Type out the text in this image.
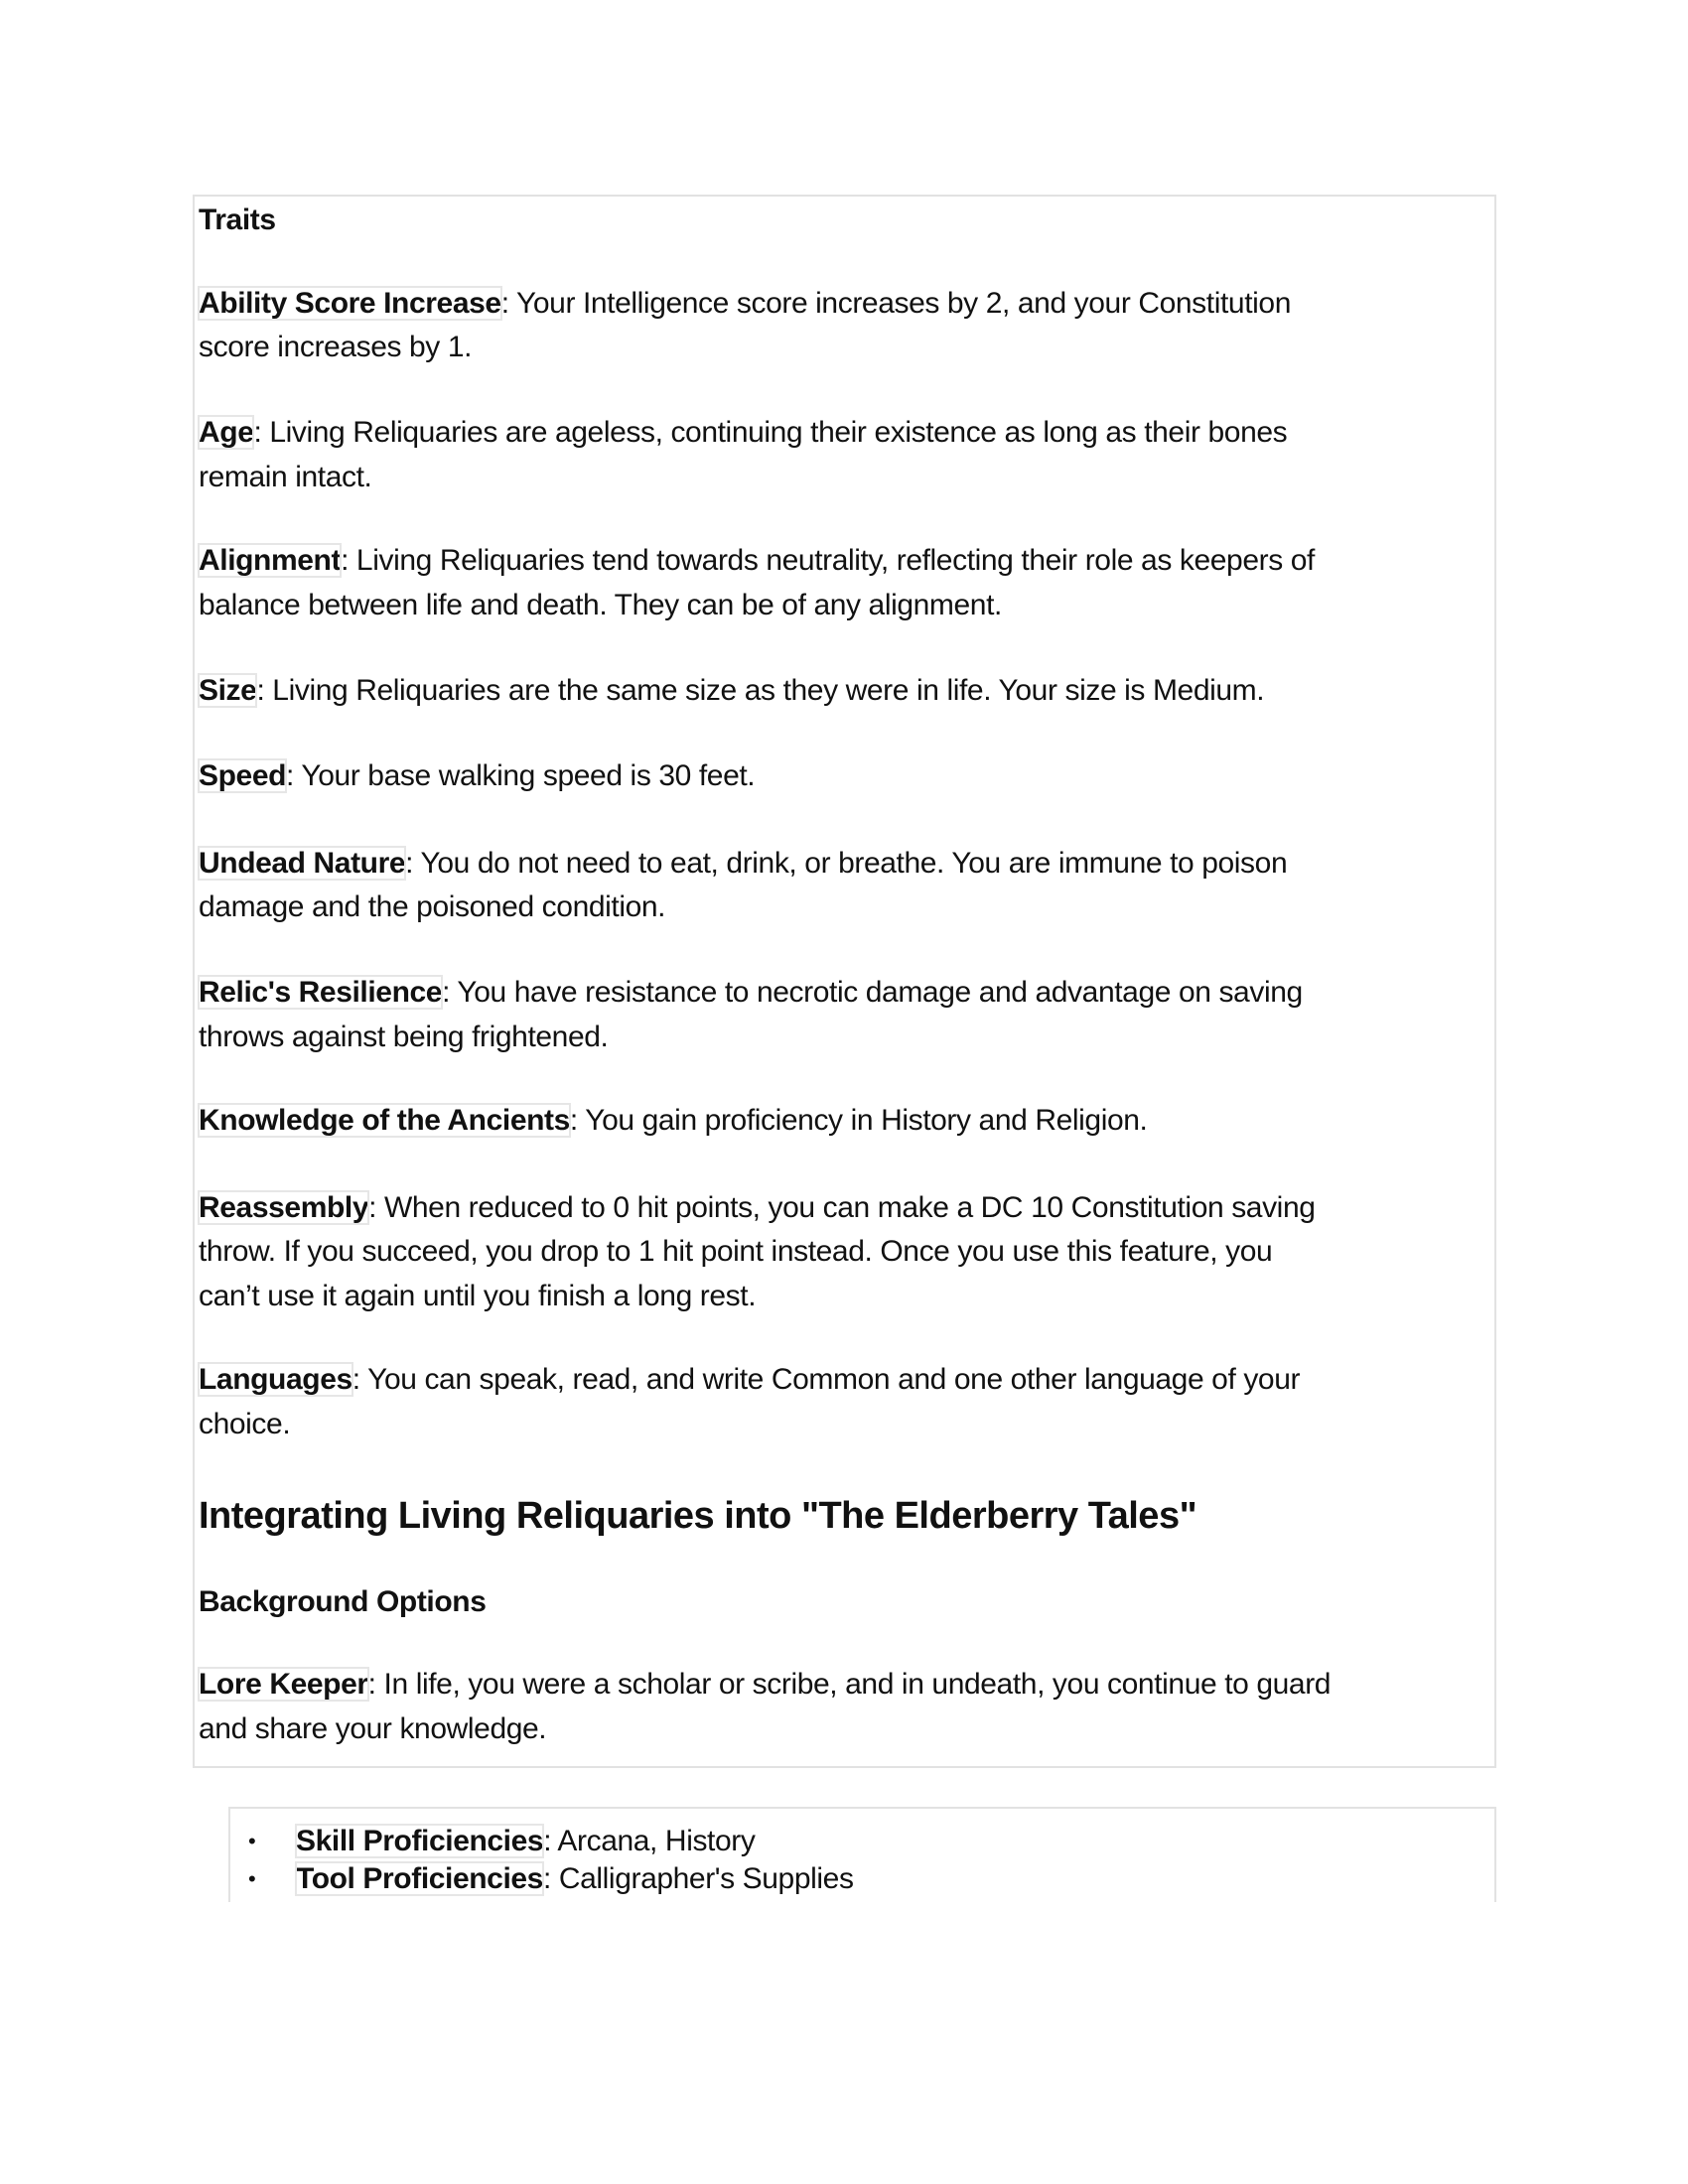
Traits
Ability Score Increase: Your Intelligence score increases by 2, and your Constitution
score increases by 1.
Age: Living Reliquaries are ageless, continuing their existence as long as their bones
remain intact.
Alignment: Living Reliquaries tend towards neutrality, reflecting their role as keepers of
balance between life and death. They can be of any alignment.
Size: Living Reliquaries are the same size as they were in life. Your size is Medium.
Speed: Your base walking speed is 30 feet.
Undead Nature: You do not need to eat, drink, or breathe. You are immune to poison
damage and the poisoned condition.
Relic's Resilience: You have resistance to necrotic damage and advantage on saving
throws against being frightened.
Knowledge of the Ancients: You gain proficiency in History and Religion.
Reassembly: When reduced to 0 hit points, you can make a DC 10 Constitution saving
throw. If you succeed, you drop to 1 hit point instead. Once you use this feature, you
can’t use it again until you finish a long rest.
Languages: You can speak, read, and write Common and one other language of your
choice.
Integrating Living Reliquaries into "The Elderberry Tales"
Background Options
Lore Keeper: In life, you were a scholar or scribe, and in undeath, you continue to guard
and share your knowledge.
• Skill Proficiencies: Arcana, History
• Tool Proficiencies: Calligrapher's Supplies
